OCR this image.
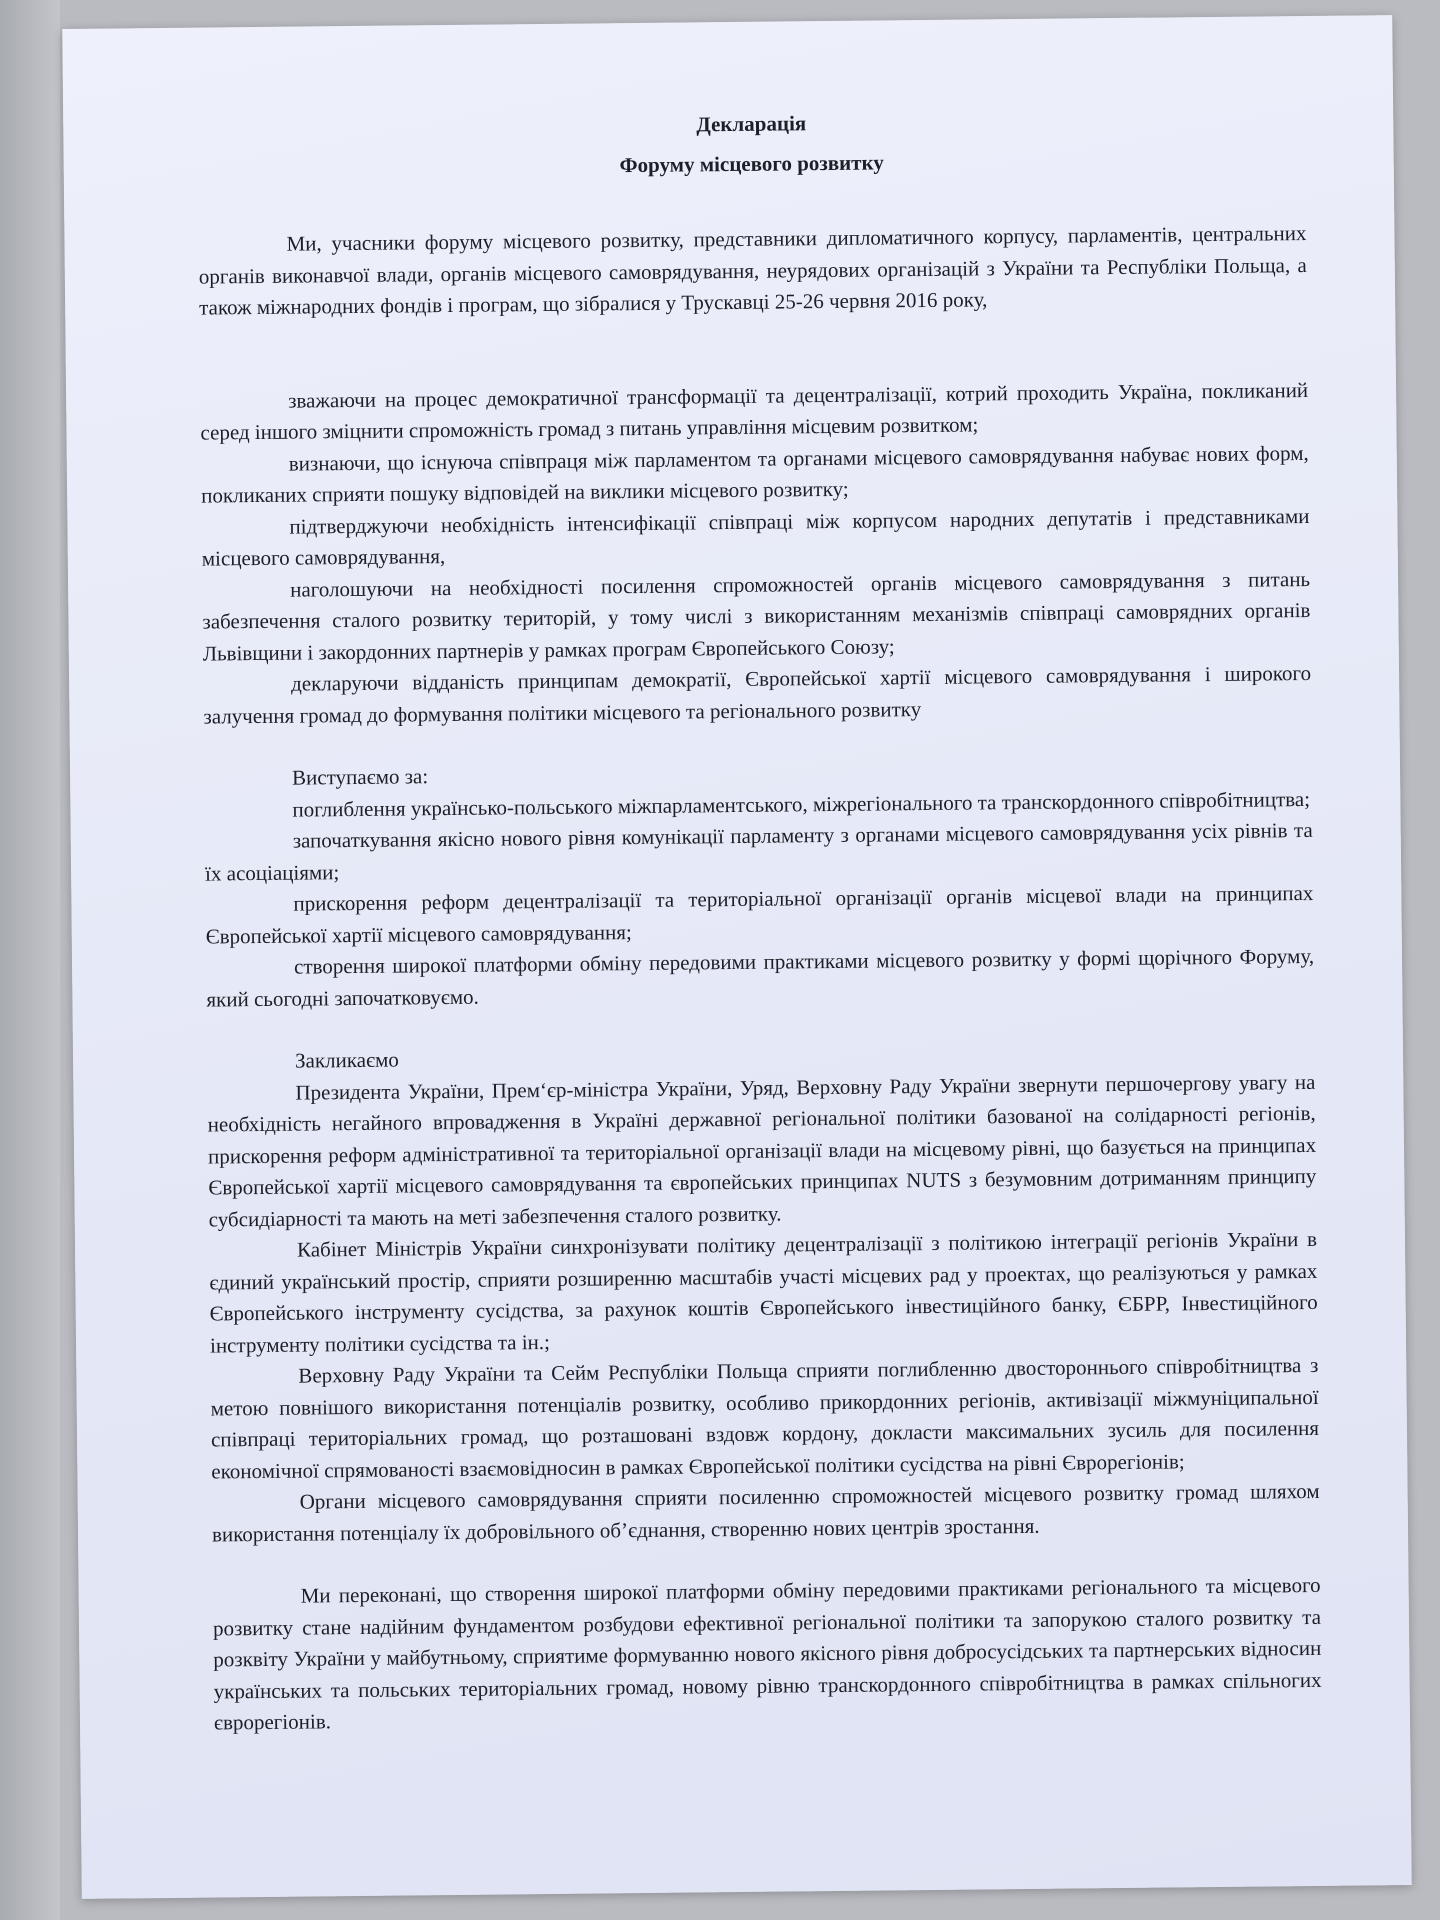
Декларація
Форуму місцевого розвитку

Ми, учасники форуму місцевого розвитку, представники дипломатичного корпусу, парламентів, центральних органів виконавчої влади, органів місцевого самоврядування, неурядових організацій з України та Республіки Польща, а також міжнародних фондів і програм, що зібралися у Трускавці 25-26 червня 2016 року,

зважаючи на процес демократичної трансформації та децентралізації, котрий проходить Україна, покликаний серед іншого зміцнити спроможність громад з питань управління місцевим розвитком;

визнаючи, що існуюча співпраця між парламентом та органами місцевого самоврядування набуває нових форм, покликаних сприяти пошуку відповідей на виклики місцевого розвитку;

підтверджуючи необхідність інтенсифікації співпраці між корпусом народних депутатів і представниками місцевого самоврядування,

наголошуючи на необхідності посилення спроможностей органів місцевого самоврядування з питань забезпечення сталого розвитку територій, у тому числі з використанням механізмів співпраці самоврядних органів Львівщини і закордонних партнерів у рамках програм Європейського Союзу;

декларуючи відданість принципам демократії, Європейської хартії місцевого самоврядування і широкого залучення громад до формування політики місцевого та регіонального розвитку

Виступаємо за:

поглиблення українсько-польського міжпарламентського, міжрегіонального та транскордонного співробітництва;

започаткування якісно нового рівня комунікації парламенту з органами місцевого самоврядування усіх рівнів та їх асоціаціями;

прискорення реформ децентралізації та територіальної організації органів місцевої влади на принципах Європейської хартії місцевого самоврядування;

створення широкої платформи обміну передовими практиками місцевого розвитку у формі щорічного Форуму, який сьогодні започатковуємо.

Закликаємо

Президента України, Прем‘єр-міністра України, Уряд, Верховну Раду України звернути першочергову увагу на необхідність негайного впровадження в Україні державної регіональної політики базованої на солідарності регіонів, прискорення реформ адміністративної та територіальної організації влади на місцевому рівні, що базується на принципах Європейської хартії місцевого самоврядування та європейських принципах NUTS з безумовним дотриманням принципу субсидіарності та мають на меті забезпечення сталого розвитку.

Кабінет Міністрів України синхронізувати політику децентралізації з політикою інтеграції регіонів України в єдиний український простір, сприяти розширенню масштабів участі місцевих рад у проектах, що реалізуються у рамках Європейського інструменту сусідства, за рахунок коштів Європейського інвестиційного банку, ЄБРР, Інвестиційного інструменту політики сусідства та ін.;

Верховну Раду України та Сейм Республіки Польща сприяти поглибленню двостороннього співробітництва з метою повнішого використання потенціалів розвитку, особливо прикордонних регіонів, активізації міжмуніципальної співпраці територіальних громад, що розташовані вздовж кордону, докласти максимальних зусиль для посилення економічної спрямованості взаємовідносин в рамках Європейської політики сусідства на рівні Єврорегіонів;

Органи місцевого самоврядування сприяти посиленню спроможностей місцевого розвитку громад шляхом використання потенціалу їх добровільного об’єднання, створенню нових центрів зростання.

Ми переконані, що створення широкої платформи обміну передовими практиками регіонального та місцевого розвитку стане надійним фундаментом розбудови ефективної регіональної політики та запорукою сталого розвитку та розквіту України у майбутньому, сприятиме формуванню нового якісного рівня добросусідських та партнерських відносин українських та польських територіальних громад, новому рівню транскордонного співробітництва в рамках спільногих єврорегіонів.
